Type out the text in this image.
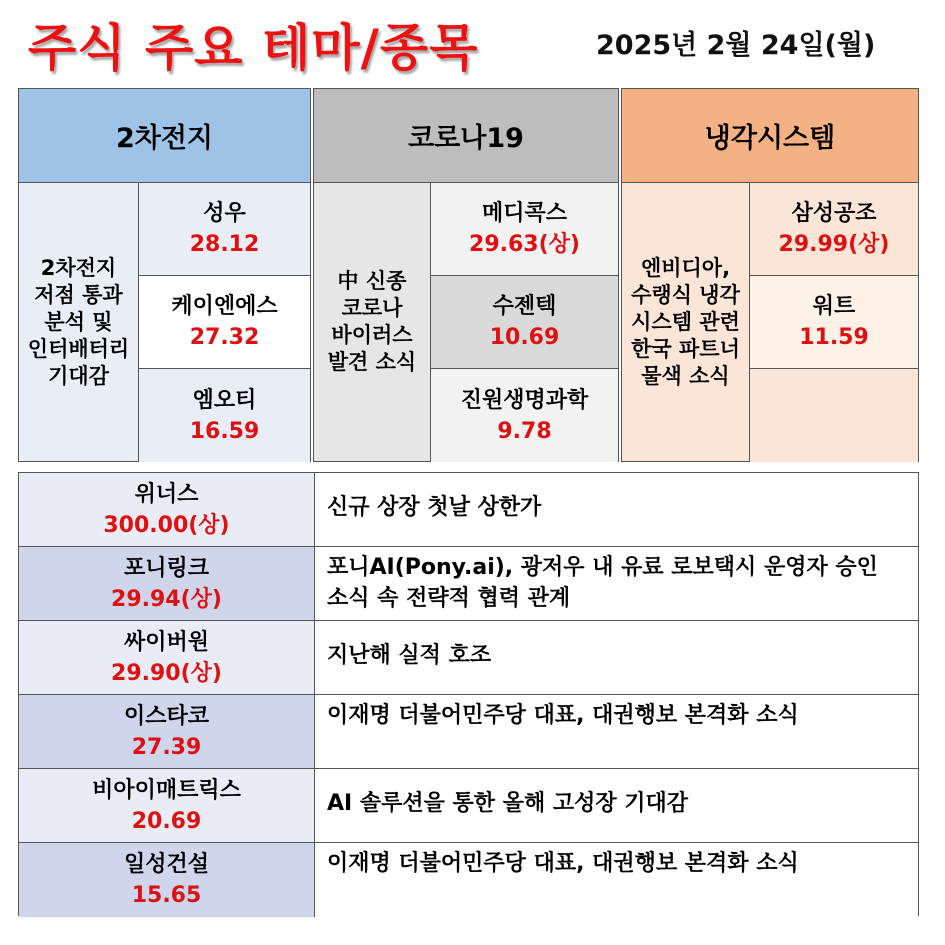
주식 주요 테마/종목	2025년 2월 24일(월)
2차전지
2차전지 저점 통과 분석 및 인터배터리 기대감
성우
28.12
케이엔에스
27.32
엠오티
16.59
코로나19
中 신종 코로나 바이러스 발견 소식
메디콕스
29.63(상)
수젠텍
10.69
진원생명과학
9.78
냉각시스템
엔비디아, 수랭식 냉각 시스템 관련 한국 파트너 물색 소식
삼성공조
29.99(상)
워트
11.59
위너스
300.00(상)
신규 상장 첫날 상한가
포니링크
29.94(상)
포니AI(Pony.ai), 광저우 내 유료 로보택시 운영자 승인 소식 속 전략적 협력 관계
싸이버원
29.90(상)
지난해 실적 호조
이스타코
27.39
이재명 더불어민주당 대표, 대권행보 본격화 소식
비아이매트릭스
20.69
AI 솔루션을 통한 올해 고성장 기대감
일성건설
15.65
이재명 더불어민주당 대표, 대권행보 본격화 소식
